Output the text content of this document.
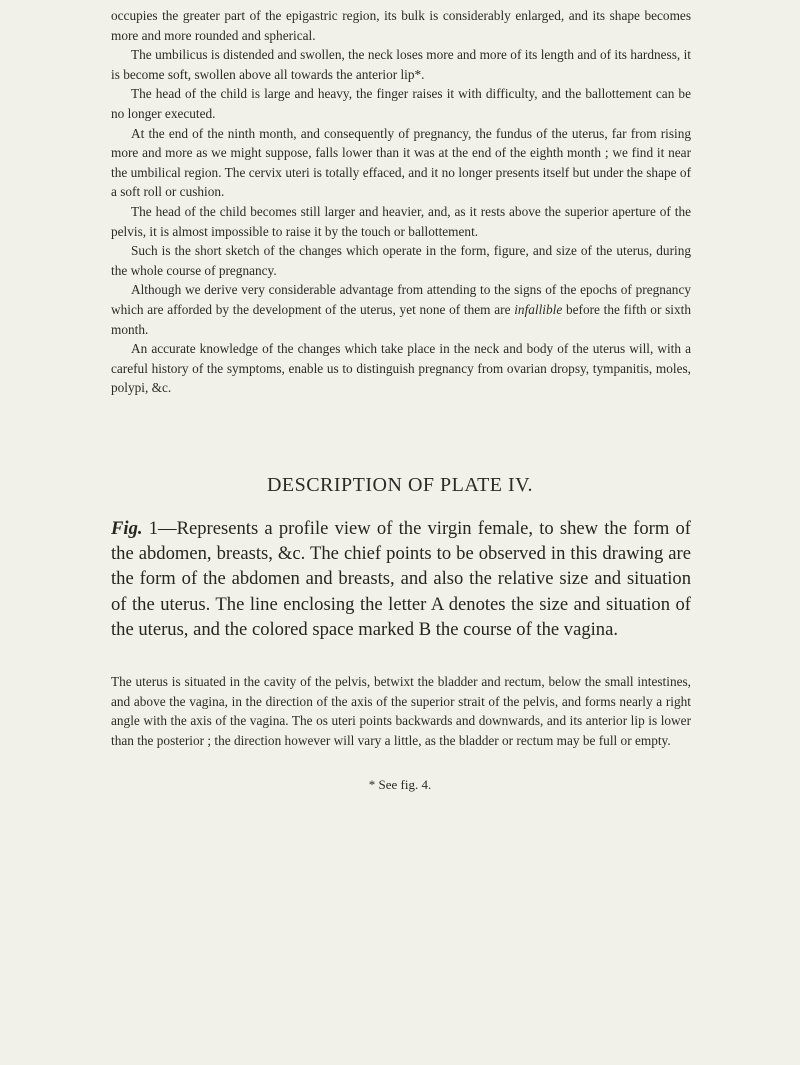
occupies the greater part of the epigastric region, its bulk is considerably enlarged, and its shape becomes more and more rounded and spherical.

The umbilicus is distended and swollen, the neck loses more and more of its length and of its hardness, it is become soft, swollen above all towards the anterior lip*.

The head of the child is large and heavy, the finger raises it with difficulty, and the ballottement can be no longer executed.

At the end of the ninth month, and consequently of pregnancy, the fundus of the uterus, far from rising more and more as we might suppose, falls lower than it was at the end of the eighth month ; we find it near the umbilical region. The cervix uteri is totally effaced, and it no longer presents itself but under the shape of a soft roll or cushion.

The head of the child becomes still larger and heavier, and, as it rests above the superior aperture of the pelvis, it is almost impossible to raise it by the touch or ballottement.

Such is the short sketch of the changes which operate in the form, figure, and size of the uterus, during the whole course of pregnancy.

Although we derive very considerable advantage from attending to the signs of the epochs of pregnancy which are afforded by the development of the uterus, yet none of them are infallible before the fifth or sixth month.

An accurate knowledge of the changes which take place in the neck and body of the uterus will, with a careful history of the symptoms, enable us to distinguish pregnancy from ovarian dropsy, tympanitis, moles, polypi, &c.

DESCRIPTION OF PLATE IV.

Fig. 1—Represents a profile view of the virgin female, to shew the form of the abdomen, breasts, &c. The chief points to be observed in this drawing are the form of the abdomen and breasts, and also the relative size and situation of the uterus. The line enclosing the letter A denotes the size and situation of the uterus, and the colored space marked B the course of the vagina.

The uterus is situated in the cavity of the pelvis, betwixt the bladder and rectum, below the small intestines, and above the vagina, in the direction of the axis of the superior strait of the pelvis, and forms nearly a right angle with the axis of the vagina. The os uteri points backwards and downwards, and its anterior lip is lower than the posterior ; the direction however will vary a little, as the bladder or rectum may be full or empty.

* See fig. 4.
